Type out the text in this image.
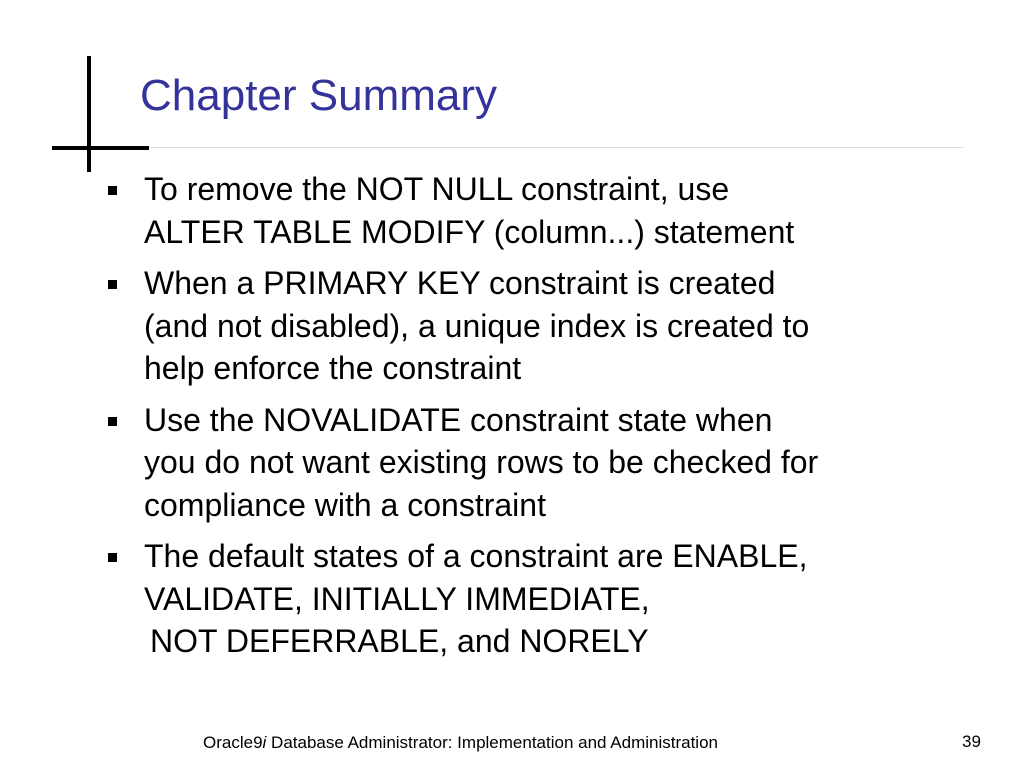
Chapter Summary
To remove the NOT NULL constraint, use
ALTER TABLE MODIFY (column...) statement
When a PRIMARY KEY constraint is created
(and not disabled), a unique index is created to
help enforce the constraint
Use the NOVALIDATE constraint state when
you do not want existing rows to be checked for
compliance with a constraint
The default states of a constraint are ENABLE,
VALIDATE, INITIALLY IMMEDIATE,
NOT DEFERRABLE, and NORELY
Oracle9i Database Administrator: Implementation and Administration	39
